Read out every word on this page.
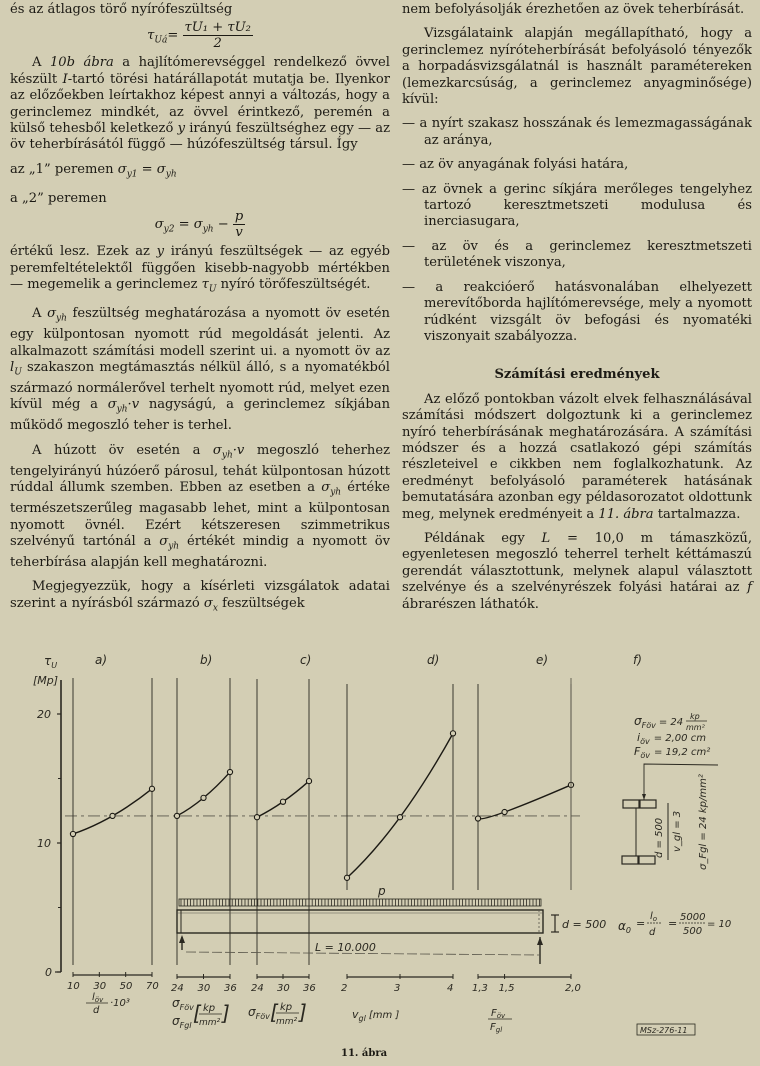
és az átlagos törő nyírófeszültség

$\tau_{Uá}= \frac{\text{τU₁ + τU₂}}{2}$

A 10b ábra a hajlítómerevséggel rendelkező övvel készült I-tartó törési határállapotát mutatja be. Ilyenkor az előzőekben leírtakhoz képest annyi a változás, hogy a gerinclemez mindkét, az övvel érintkező, peremén a külső tehesből keletkező y irányú feszültséghez egy — az öv teherbírásától függő — húzófeszültség társul. Így

az „1” peremen $\sigma_{y1} = \sigma_{yh}$

a „2” peremen

$\sigma_{y2} = \sigma_{yh} - \frac{p}{v}$

értékű lesz. Ezek az y irányú feszültségek — az egyéb peremfeltételektől függően kisebb-nagyobb mértékben — megemelik a gerinclemez $\tau_U$ nyíró törőfeszültségét.

A $\sigma_{yh}$ feszültség meghatározása a nyomott öv esetén egy külpontosan nyomott rúd megoldását jelenti. Az alkalmazott számítási modell szerint ui. a nyomott öv az $l_U$ szakaszon megtámasztás nélkül álló, s a nyomatékból származó normálerővel terhelt nyomott rúd, melyet ezen kívül még a $\sigma_{yh}\cdot v$ nagyságú, a gerinclemez síkjában működő megoszló teher is terhel.

A húzott öv esetén a $\sigma_{yh}\cdot v$ megoszló teherhez tengelyirányú húzóerő párosul, tehát külpontosan húzott rúddal állumk szemben. Ebben az esetben a $\sigma_{yh}$ értéke természetszerűleg magasabb lehet, mint a külpontosan nyomott övnél. Ezért kétszeresen szimmetrikus szelvényű tartónál a $\sigma_{yh}$ értékét mindig a nyomott öv teherbírása alapján kell meghatározni.

Megjegyezzük, hogy a kísérleti vizsgálatok adatai szerint a nyírásból származó $\sigma_x$ feszültségek

nem befolyásolják érezhetően az övek teherbírását.

Vizsgálataink alapján megállapítható, hogy a gerinclemez nyíróteherbírását befolyásoló tényezők a horpadásvizsgálatnál is használt paramétereken (lemezkarcsúság, a gerinclemez anyagminősége) kívül:

— a nyírt szakasz hosszának és lemezmagasságának az aránya,

— az öv anyagának folyási határa,

— az övnek a gerinc síkjára merőleges tengelyhez tartozó keresztmetszeti modulusa és inerciasugara,

— az öv és a gerinclemez keresztmetszeti területének viszonya,

— a reakcióerő hatásvonalában elhelyezett merevítőborda hajlítómerevsége, mely a nyomott rúdként vizsgált öv befogási és nyomatéki viszonyait szabályozza.

Számítási eredmények

Az előző pontokban vázolt elvek felhasználásával számítási módszert dolgoztunk ki a gerinclemez nyíró teherbírásának meghatározására. A számítási módszer és a hozzá csatlakozó gépi számítás részleteivel e cikkben nem foglalkozhatunk. Az eredményt befolyásoló paraméterek hatásának bemutatására azonban egy példasorozatot oldottunk meg, melynek eredményeit a 11. ábra tartalmazza.

Példának egy L = 10,0 m támaszközű, egyenletesen megoszló teherrel terhelt kéttámaszú gerendát választottunk, melynek alapul választott szelvénye és a szelvényrészek folyási határai az f ábrarészen láthatók.

$\tau_U$
[Mp]
0
10
20
a)
10 30 50 70
b)
24 30 36
c)
24 30 36
d)
2	3	4
e)
1,3 1,5	2,0
p
L = 10.000
d = 500 $\alpha_0$
=
$l_o$
d
= 5000
500
= 10
f)
$\sigma_{Föv}$ $^{= 24}$
kp
mm²
$i_{öv} = 2,00$ cm
$F_{öv} = 19,2$ cm²
d = 500 v_gl = 3 σ_Fgl = 24 kp/mm²
$l_{öv}$
d
·10³	$\sigma_{Föv}$
$\sigma_{Fgl}$
kp
mm²
[ ] $\sigma_{Föv}$
kp
mm²
[ ]	$v_{gl}$ [mm ]	$F_{öv}$
$F_{gl}$	MSz-276-11
11. ábra
